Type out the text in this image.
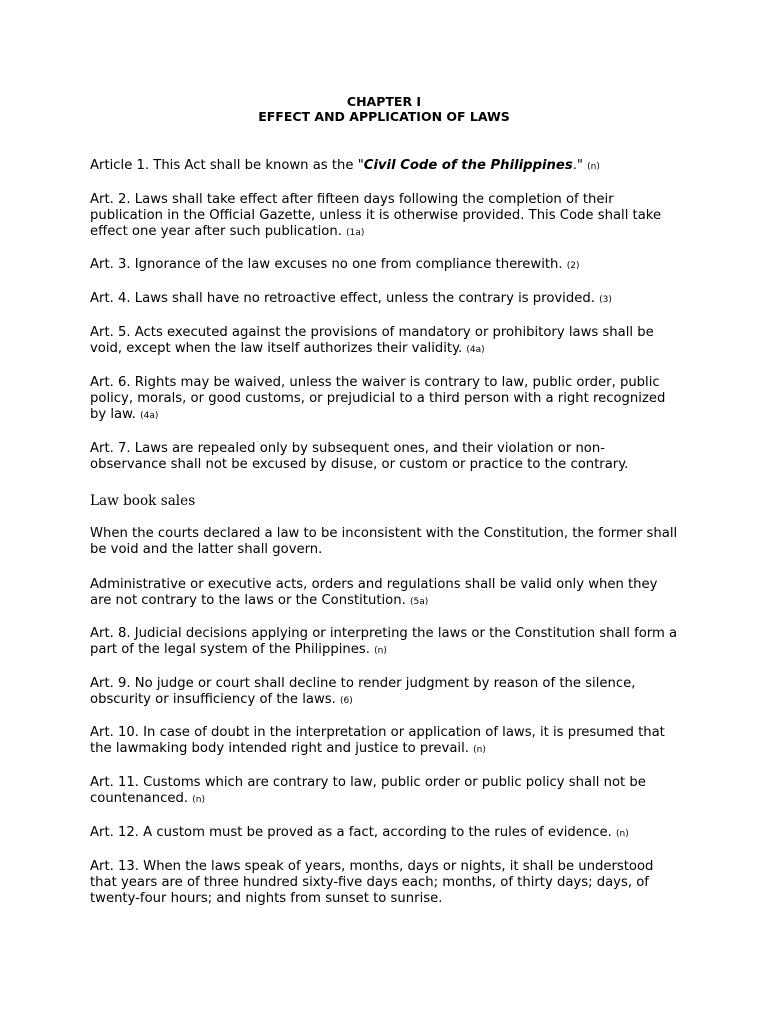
CHAPTER I
EFFECT AND APPLICATION OF LAWS

Article 1. This Act shall be known as the "Civil Code of the Philippines." (n)

Art. 2. Laws shall take effect after fifteen days following the completion of their publication in the Official Gazette, unless it is otherwise provided. This Code shall take effect one year after such publication. (1a)

Art. 3. Ignorance of the law excuses no one from compliance therewith. (2)

Art. 4. Laws shall have no retroactive effect, unless the contrary is provided. (3)

Art. 5. Acts executed against the provisions of mandatory or prohibitory laws shall be void, except when the law itself authorizes their validity. (4a)

Art. 6. Rights may be waived, unless the waiver is contrary to law, public order, public policy, morals, or good customs, or prejudicial to a third person with a right recognized by law. (4a)

Art. 7. Laws are repealed only by subsequent ones, and their violation or non-observance shall not be excused by disuse, or custom or practice to the contrary.

Law book sales

When the courts declared a law to be inconsistent with the Constitution, the former shall be void and the latter shall govern.

Administrative or executive acts, orders and regulations shall be valid only when they are not contrary to the laws or the Constitution. (5a)

Art. 8. Judicial decisions applying or interpreting the laws or the Constitution shall form a part of the legal system of the Philippines. (n)

Art. 9. No judge or court shall decline to render judgment by reason of the silence, obscurity or insufficiency of the laws. (6)

Art. 10. In case of doubt in the interpretation or application of laws, it is presumed that the lawmaking body intended right and justice to prevail. (n)

Art. 11. Customs which are contrary to law, public order or public policy shall not be countenanced. (n)

Art. 12. A custom must be proved as a fact, according to the rules of evidence. (n)

Art. 13. When the laws speak of years, months, days or nights, it shall be understood that years are of three hundred sixty-five days each; months, of thirty days; days, of twenty-four hours; and nights from sunset to sunrise.
